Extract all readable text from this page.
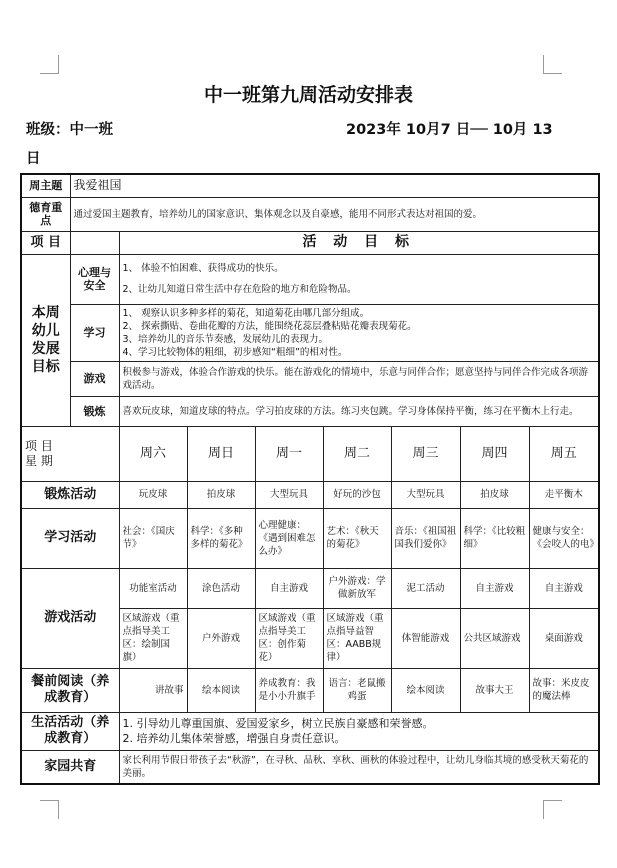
中一班第九周活动安排表
班级：中一班	2023年 10月7 日── 10月 13
日
周主题	我爱祖国							
德育重点	通过爱国主题教育，培养幼儿的国家意识、集体观念以及自豪感，能用不同形式表达对祖国的爱。							
项 目		活 动 目 标						
本周幼儿发展目标	心理与安全	1、 体验不怕困难、获得成功的快乐。
2、让幼儿知道日常生活中存在危险的地方和危险物品。						

	学习	1、 观察认识多种多样的菊花，知道菊花由哪几部分组成。
2、 探索撕贴、卷曲花瓣的方法，能围绕花蕊层叠粘贴花瓣表现菊花。
3、培养幼儿的音乐节奏感，发展幼儿的表现力。
4、学习比较物体的粗细，初步感知“粗细”的相对性。						

	游戏	积极参与游戏，体验合作游戏的快乐。能在游戏化的情境中，乐意与同伴合作；愿意坚持与同伴合作完成各项游戏活动。						
	锻炼	喜欢玩皮球，知道皮球的特点。学习拍皮球的方法。练习夹包跳。学习身体保持平衡，练习在平衡木上行走。						

项 目
星 期		周六	周日	周一	周二	周三	周四	周五
锻炼活动		玩皮球	拍皮球	大型玩具	好玩的沙包	大型玩具	拍皮球	走平衡木
学习活动		社会：《国庆节》	科学：《多种多样的菊花》	心理健康：《遇到困难怎么办》	艺术：《秋天的菊花》	音乐：《祖国祖国我们爱你》	科学：《比较粗细》	健康与安全：《会咬人的电》
游戏活动		功能室活动	涂色活动	自主游戏	户外游戏：学做新放军	泥工活动	自主游戏	自主游戏
		区域游戏（重点指导美工区：绘制国旗）	户外游戏	区域游戏（重点指导美工区：创作菊花）	区域游戏（重点指导益智区：AABB规律）	体智能游戏	公共区域游戏	桌面游戏
餐前阅读（养成教育）		讲故事	绘本阅读	养成教育：我是小小升旗手	语言：老鼠搬鸡蛋	绘本阅读	故事大王	故事：米皮皮的魔法棒
生活活动（养成教育）		1. 引导幼儿尊重国旗、爱国爱家乡，树立民族自豪感和荣誉感。
2. 培养幼儿集体荣誉感，增强自身责任意识。						

家园共育		家长利用节假日带孩子去“秋游”，在寻秋、品秋、享秋、画秋的体验过程中，让幼儿身临其境的感受秋天菊花的美丽。						
